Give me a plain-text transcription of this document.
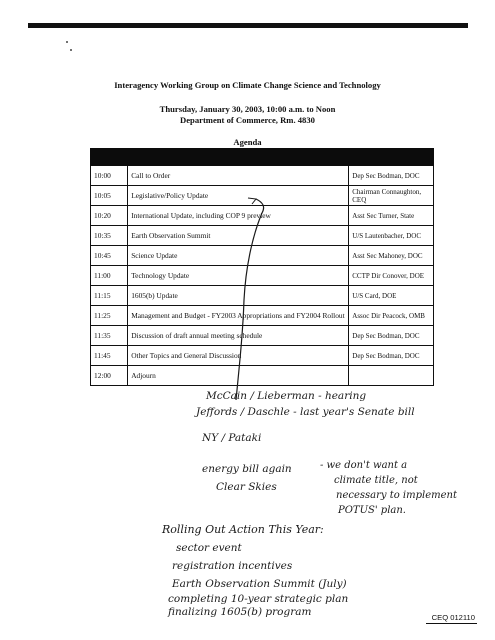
Interagency Working Group on Climate Change Science and Technology
Thursday, January 30, 2003, 10:00 a.m. to Noon
Department of Commerce, Rm. 4830
Agenda

10:00	Call to Order	Dep Sec Bodman, DOC
10:05	Legislative/Policy Update	Chairman Connaughton, CEQ
10:20	International Update, including COP 9 preview	Asst Sec Turner, State
10:35	Earth Observation Summit	U/S Lautenbacher, DOC
10:45	Science Update	Asst Sec Mahoney, DOC
11:00	Technology Update	CCTP Dir Conover, DOE
11:15	1605(b) Update	U/S Card, DOE
11:25	Management and Budget - FY2003 Appropriations and FY2004 Rollout	Assoc Dir Peacock, OMB
11:35	Discussion of draft annual meeting schedule	Dep Sec Bodman, DOC
11:45	Other Topics and General Discussion	Dep Sec Bodman, DOC
12:00	Adjourn	
McCain / Lieberman - hearing
Jeffords / Daschle - last year's Senate bill
NY / Pataki
energy bill again
Clear Skies
- we don't want a
climate title, not
necessary to implement
POTUS' plan.
Rolling Out Action This Year:
sector event
registration incentives
Earth Observation Summit (July)
completing 10-year strategic plan
finalizing 1605(b) program	CEQ 012110
